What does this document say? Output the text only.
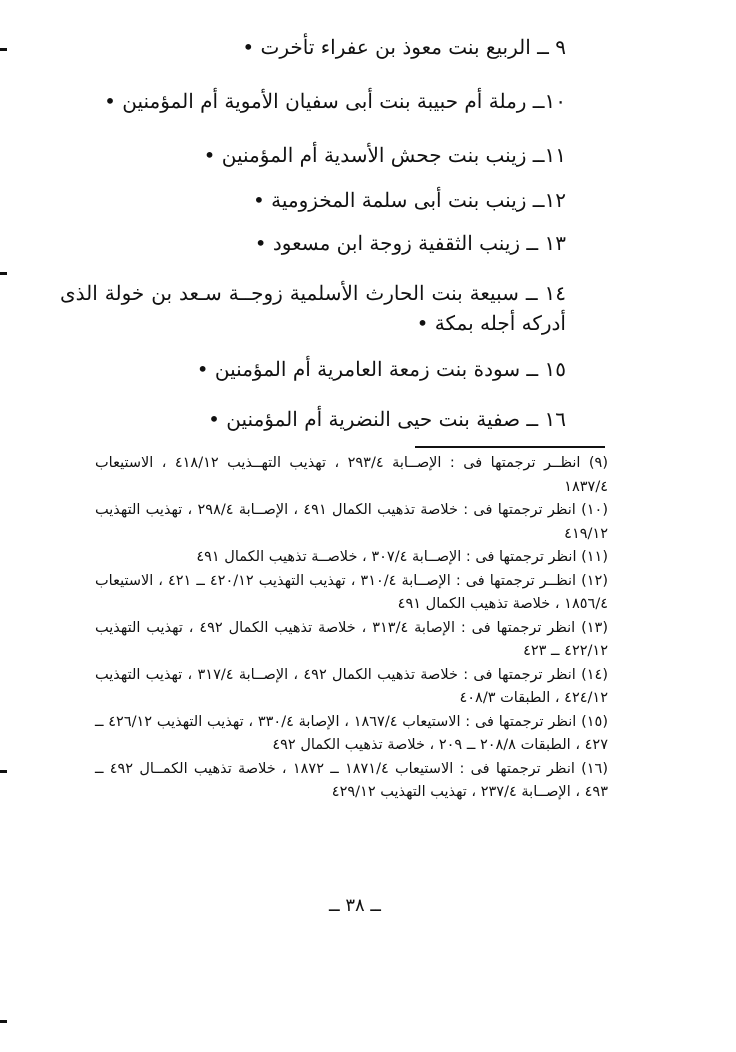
٩ ــ الربيع بنت معوذ بن عفراء تأخرت •
١٠ــ رملة أم حبيبة بنت أبى سفيان الأموية أم المؤمنين •
١١ــ زينب بنت جحش الأسدية أم المؤمنين •
١٢ــ زينب بنت أبى سلمة المخزومية •
١٣ ــ زينب الثقفية زوجة ابن مسعود •
١٤ ــ سبيعة بنت الحارث الأسلمية زوجــة سـعد بن خولة الذى أدركه أجله بمكة •
١٥ ــ سودة بنت زمعة العامرية أم المؤمنين •
١٦ ــ صفية بنت حيى النضرية أم المؤمنين •

(٩) انظــر ترجمتها فى : الإصــابة ٢٩٣/٤ ، تهذيب التهــذيب ٤١٨/١٢ ، الاستيعاب ١٨٣٧/٤

(١٠) انظر ترجمتها فى : خلاصة تذهيب الكمال ٤٩١ ، الإصــابة ٢٩٨/٤ ، تهذيب التهذيب ٤١٩/١٢

(١١) انظر ترجمتها فى : الإصــابة ٣٠٧/٤ ، خلاصــة تذهيب الكمال ٤٩١

(١٢) انظــر ترجمتها فى : الإصــابة ٣١٠/٤ ، تهذيب التهذيب ٤٢٠/١٢ ــ ٤٢١ ، الاستيعاب ١٨٥٦/٤ ، خلاصة تذهيب الكمال ٤٩١

(١٣) انظر ترجمتها فى : الإصابة ٣١٣/٤ ، خلاصة تذهيب الكمال ٤٩٢ ، تهذيب التهذيب ٤٢٢/١٢ ــ ٤٢٣

(١٤) انظر ترجمتها فى : خلاصة تذهيب الكمال ٤٩٢ ، الإصــابة ٣١٧/٤ ، تهذيب التهذيب ٤٢٤/١٢ ، الطبقات ٤٠٨/٣

(١٥) انظر ترجمتها فى : الاستيعاب ١٨٦٧/٤ ، الإصابة ٣٣٠/٤ ، تهذيب التهذيب ٤٢٦/١٢ ــ ٤٢٧ ، الطبقات ٢٠٨/٨ ــ ٢٠٩ ، خلاصة تذهيب الكمال ٤٩٢

(١٦) انظر ترجمتها فى : الاستيعاب ١٨٧١/٤ ــ ١٨٧٢ ، خلاصة تذهيب الكمــال ٤٩٢ ــ ٤٩٣ ، الإصــابة ٢٣٧/٤ ، تهذيب التهذيب ٤٢٩/١٢

ــ ٣٨ ــ
